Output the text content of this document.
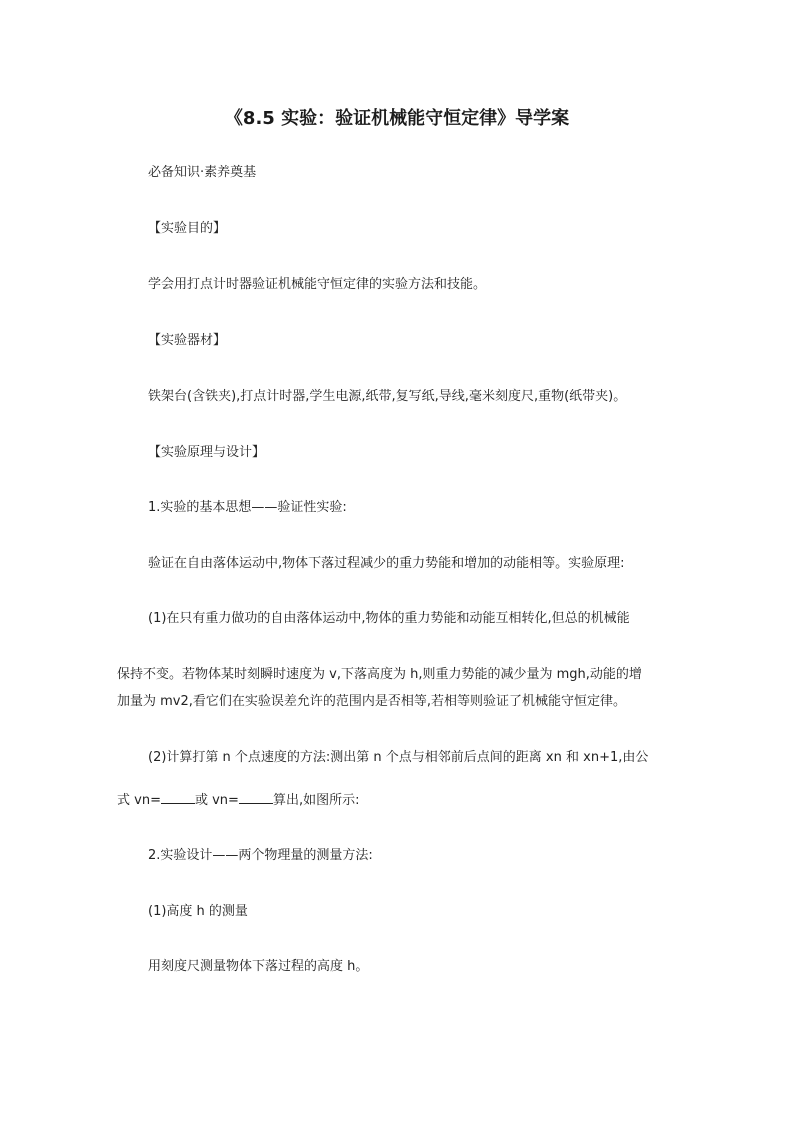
《8.5 实验：验证机械能守恒定律》导学案
必备知识·素养奠基
【实验目的】
学会用打点计时器验证机械能守恒定律的实验方法和技能。
【实验器材】
铁架台(含铁夹),打点计时器,学生电源,纸带,复写纸,导线,毫米刻度尺,重物(纸带夹)。
【实验原理与设计】
1.实验的基本思想——验证性实验:
验证在自由落体运动中,物体下落过程减少的重力势能和增加的动能相等。实验原理:
(1)在只有重力做功的自由落体运动中,物体的重力势能和动能互相转化,但总的机械能
保持不变。若物体某时刻瞬时速度为 v,下落高度为 h,则重力势能的减少量为 mgh,动能的增
加量为 mv2,看它们在实验误差允许的范围内是否相等,若相等则验证了机械能守恒定律。
(2)计算打第 n 个点速度的方法:测出第 n 个点与相邻前后点间的距离 xn 和 xn+1,由公
式 vn=	或 vn=	算出,如图所示:
2.实验设计——两个物理量的测量方法:
(1)高度 h 的测量
用刻度尺测量物体下落过程的高度 h。
